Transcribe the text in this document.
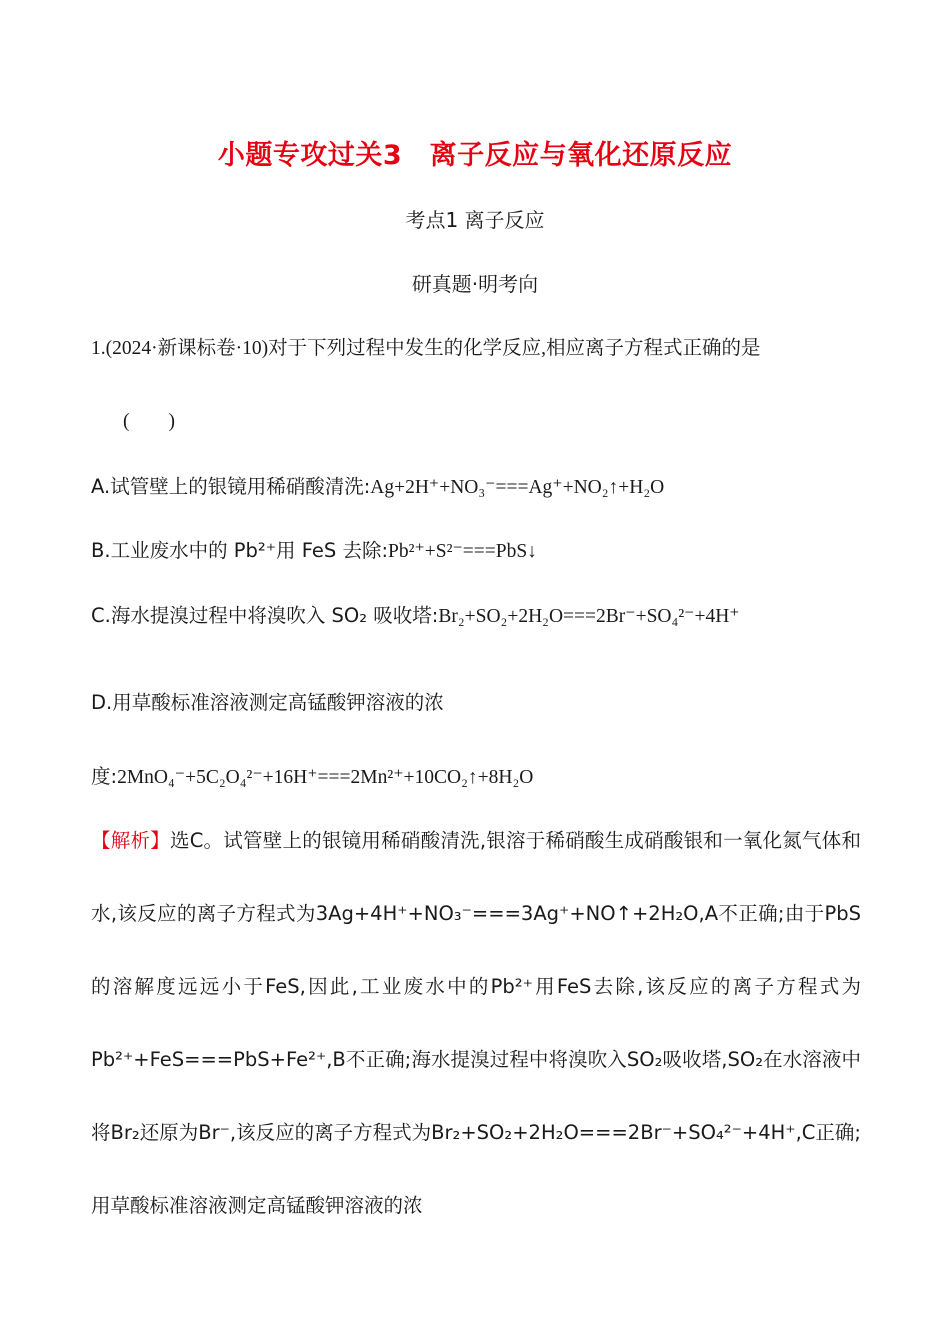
小题专攻过关3　离子反应与氧化还原反应
考点1 离子反应
研真题·明考向
1.(2024·新课标卷·10)对于下列过程中发生的化学反应,相应离子方程式正确的是
(　　)
A.试管壁上的银镜用稀硝酸清洗:Ag+2H⁺+NO₃⁻===Ag⁺+NO₂↑+H₂O
B.工业废水中的 Pb²⁺用 FeS 去除:Pb²⁺+S²⁻===PbS↓
C.海水提溴过程中将溴吹入 SO₂ 吸收塔:Br₂+SO₂+2H₂O===2Br⁻+SO₄²⁻+4H⁺
D.用草酸标准溶液测定高锰酸钾溶液的浓度:2MnO₄⁻+5C₂O₄²⁻+16H⁺===2Mn²⁺+10CO₂↑+8H₂O
【解析】选C。试管壁上的银镜用稀硝酸清洗,银溶于稀硝酸生成硝酸银和一氧化氮气体和水,该反应的离子方程式为3Ag+4H⁺+NO₃⁻===3Ag⁺+NO↑+2H₂O,A不正确;由于PbS的溶解度远远小于FeS,因此,工业废水中的Pb²⁺用FeS去除,该反应的离子方程式为Pb²⁺+FeS===PbS+Fe²⁺,B不正确;海水提溴过程中将溴吹入SO₂吸收塔,SO₂在水溶液中将Br₂还原为Br⁻,该反应的离子方程式为Br₂+SO₂+2H₂O===2Br⁻+SO₄²⁻+4H⁺,C正确;用草酸标准溶液测定高锰酸钾溶液的浓
